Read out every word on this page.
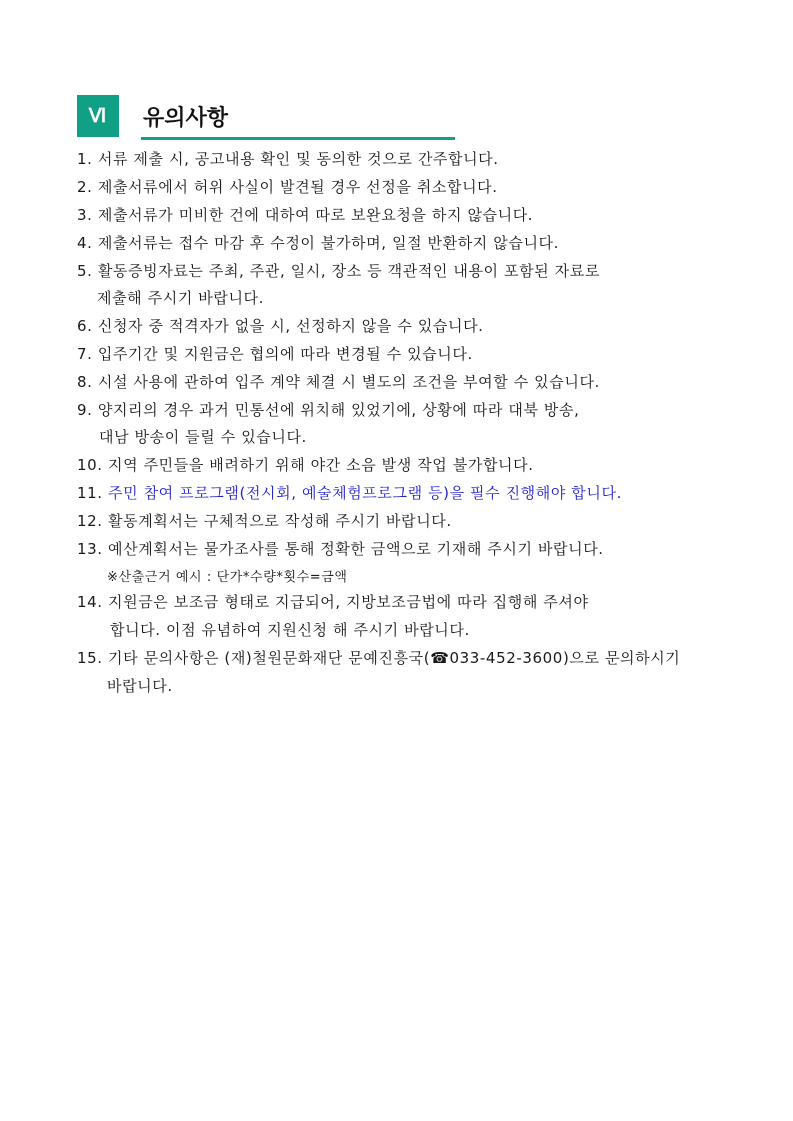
Ⅵ	유의사항
1. 서류 제출 시, 공고내용 확인 및 동의한 것으로 간주합니다.
2. 제출서류에서 허위 사실이 발견될 경우 선정을 취소합니다.
3. 제출서류가 미비한 건에 대하여 따로 보완요청을 하지 않습니다.
4. 제출서류는 접수 마감 후 수정이 불가하며, 일절 반환하지 않습니다.
5. 활동증빙자료는 주최, 주관, 일시, 장소 등 객관적인 내용이 포함된 자료로
제출해 주시기 바랍니다.
6. 신청자 중 적격자가 없을 시, 선정하지 않을 수 있습니다.
7. 입주기간 및 지원금은 협의에 따라 변경될 수 있습니다.
8. 시설 사용에 관하여 입주 계약 체결 시 별도의 조건을 부여할 수 있습니다.
9. 양지리의 경우 과거 민통선에 위치해 있었기에, 상황에 따라 대북 방송,
대남 방송이 들릴 수 있습니다.
10. 지역 주민들을 배려하기 위해 야간 소음 발생 작업 불가합니다.
11. 주민 참여 프로그램(전시회, 예술체험프로그램 등)을 필수 진행해야 합니다.
12. 활동계획서는 구체적으로 작성해 주시기 바랍니다.
13. 예산계획서는 물가조사를 통해 정확한 금액으로 기재해 주시기 바랍니다.
※산출근거 예시 : 단가*수량*횟수=금액
14. 지원금은 보조금 형태로 지급되어, 지방보조금법에 따라 집행해 주셔야
합니다. 이점 유념하여 지원신청 해 주시기 바랍니다.
15. 기타 문의사항은 (재)철원문화재단 문예진흥국(☎033-452-3600)으로 문의하시기
바랍니다.
